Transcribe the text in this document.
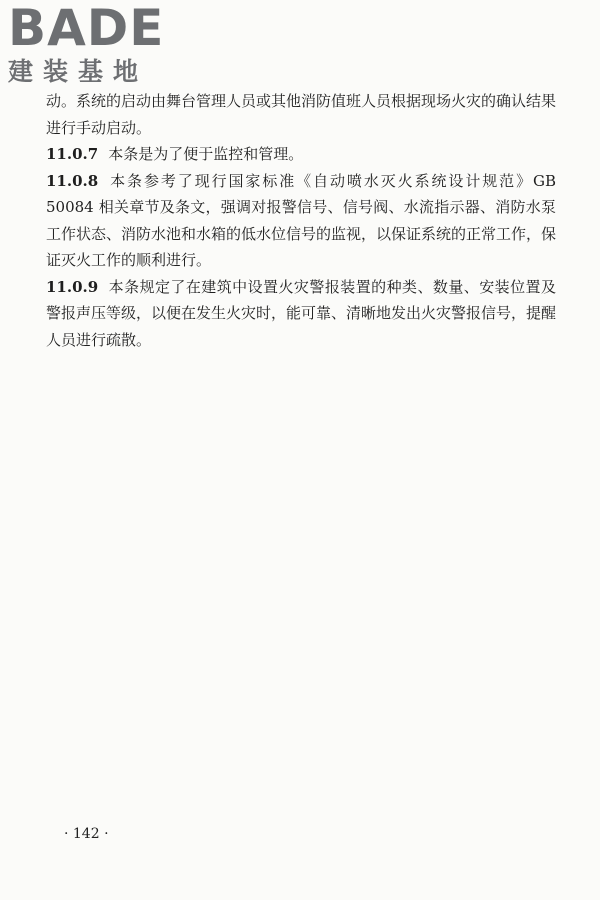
BADE
建装基地

动。系统的启动由舞台管理人员或其他消防值班人员根据现场火灾的确认结果进行手动启动。

11.0.7 本条是为了便于监控和管理。

11.0.8 本条参考了现行国家标准《自动喷水灭火系统设计规范》GB 50084 相关章节及条文，强调对报警信号、信号阀、水流指示器、消防水泵工作状态、消防水池和水箱的低水位信号的监视，以保证系统的正常工作，保证灭火工作的顺利进行。

11.0.9 本条规定了在建筑中设置火灾警报装置的种类、数量、安装位置及警报声压等级，以便在发生火灾时，能可靠、清晰地发出火灾警报信号，提醒人员进行疏散。

· 142 ·
